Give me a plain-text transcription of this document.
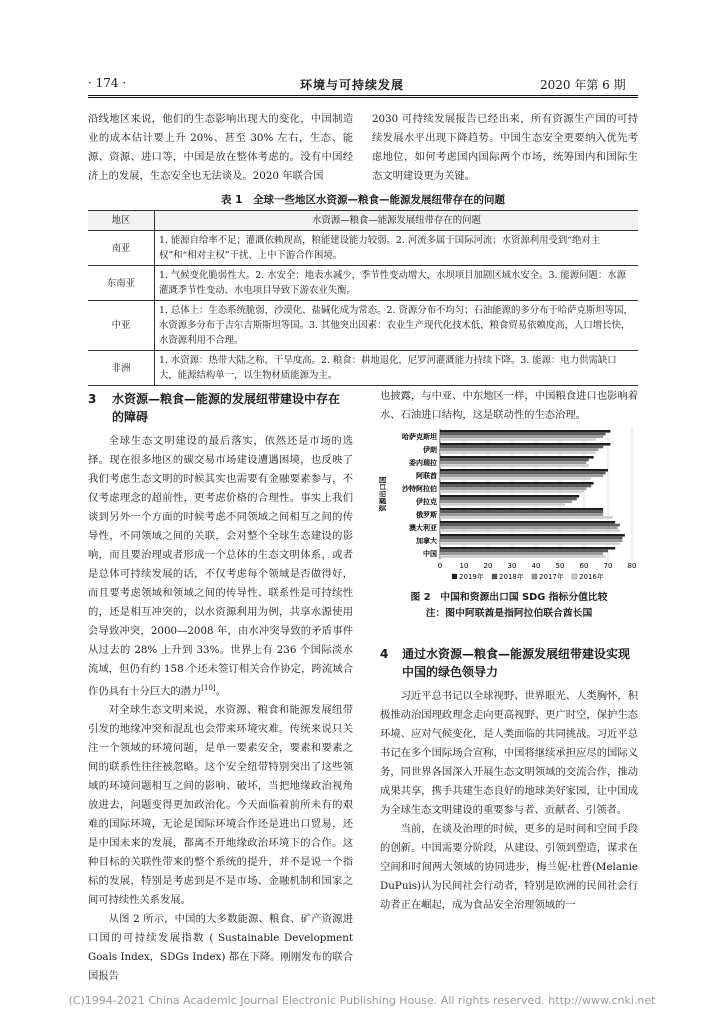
· 174 ·	环境与可持续发展	2020 年第 6 期

沿线地区来说，他们的生态影响出现大的变化，中国制造业的成本估计要上升 20%、甚至 30% 左右，生态、能源、资源、进口等，中国是放在整体考虑的。没有中国经济上的发展，生态安全也无法谈及。2020 年联合国

2030 可持续发展报告已经出来，所有资源生产国的可持续发展水平出现下降趋势。中国生态安全更要纳入优先考虑地位，如何考虑国内国际两个市场，统筹国内和国际生态文明建设更为关键。

表 1　全球一些地区水资源—粮食—能源发展纽带存在的问题
地区	水资源—粮食—能源发展纽带存在的问题
南亚	1. 能源自给率不足；灌溉依赖现高，粮能建设能力较弱。2. 河流多属于国际河流；水资源利用受到“绝对主权”和“相对主权”干扰、上中下游合作困境。
东南亚	1. 气候变化脆弱性大。2. 水安全：地表水减少，季节性变动增大，水坝项目加剧区域水安全。3. 能源问题：水源灌溉季节性变动、水电项目导致下游农业失衡。
中亚	1. 总体上：生态系统脆弱，沙漠化、盐碱化成为常态。2. 资源分布不均匀；石油能源的多分布于哈萨克斯坦等国，水资源多分布于吉尔吉斯斯坦等国。3. 其他突出因素：农业生产现代化技术低，粮食贸易依赖度高，人口增长快，水资源利用不合理。
非洲	1. 水资源：热带大陆之称，干旱度高。2. 粮食：耕地退化，尼罗河灌溉能力持续下降。3. 能源：电力供需缺口大，能源结构单一，以生物材质能源为主。
3	水资源—粮食—能源的发展纽带建设中存在
的障碍

全球生态文明建设的最后落实，依然还是市场的选择。现在很多地区的碳交易市场建设遭遇困境，也反映了我们考虑生态文明的时候其实也需要有金融要素参与，不仅考虑理念的超前性，更考虑价格的合理性。事实上我们谈到另外一个方面的时候考虑不同领域之间相互之间的传导性，不同领域之间的关联，会对整个全球生态建设的影响，而且要治理或者形成一个总体的生态文明体系，或者是总体可持续发展的话，不仅考虑每个领域是否做得好，而且要考虑领域和领域之间的传导性、联系性是可持续性的，还是相互冲突的，以水资源利用为例，共享水源使用会导致冲突，2000—2008 年，由水冲突导致的矛盾事件从过去的 28% 上升到 33%。世界上有 236 个国际淡水流域，但仍有约 158 个还未签订相关合作协定，跨流域合作仍具有十分巨大的潜力[10]。

对全球生态文明来说，水资源、粮食和能源发展纽带引发的地缘冲突和混乱也会带来环境灾难。传统来说只关注一个领域的环境问题，是单一要素安全，要素和要素之间的联系性往往被忽略。这个安全纽带特别突出了这些领域的环境问题相互之间的影响、破坏，当把地缘政治视角放进去，问题变得更加政治化。今天面临着前所未有的艰难的国际环境，无论是国际环境合作还是进出口贸易，还是中国未来的发展，都离不开地缘政治环境下的合作。这种目标的关联性带来的整个系统的提升，并不是说一个指标的发展，特别是考虑到是不是市场、金融机制和国家之间可持续性关系发展。

从图 2 所示，中国的大多数能源、粮食、矿产资源进口国的可持续发展指数 ( Sustainable Development Goals Index，SDGs Index) 都在下降。刚刚发布的联合国报告

也披露，与中亚、中东地区一样，中国粮食进口也影响着水、石油进口结构，这是联动性的生态治理。

0 10 20 30 40 50 60 70 80
资源出口国
哈萨克斯坦
伊朗
委内瑞拉
阿联酋
沙特阿拉伯
伊拉克
俄罗斯
澳大利亚
加拿大
中国
2019年 2018年 2017年 2016年
图 2　中国和资源出口国 SDG 指标分值比较
注：图中阿联酋是指阿拉伯联合酋长国
4	通过水资源—粮食—能源发展纽带建设实现
中国的绿色领导力

习近平总书记以全球视野、世界眼光、人类胸怀，积极推动治国理政理念走向更高视野、更广时空，保护生态环境、应对气候变化，是人类面临的共同挑战。习近平总书记在多个国际场合宣称，中国将继续承担应尽的国际义务，同世界各国深入开展生态文明领域的交流合作，推动成果共享，携手共建生态良好的地球美好家园，让中国成为全球生态文明建设的重要参与者、贡献者、引领者。

当前，在谈及治理的时候，更多的是时间和空间手段的创新。中国需要分阶段，从建设、引领到塑造，谋求在空间和时间两大领域的协同进步，梅兰妮·杜普(Melanie DuPuis)认为民间社会行动者，特别是欧洲的民间社会行动者正在崛起，成为食品安全治理领域的一

(C)1994-2021 China Academic Journal Electronic Publishing House. All rights reserved. http://www.cnki.net
